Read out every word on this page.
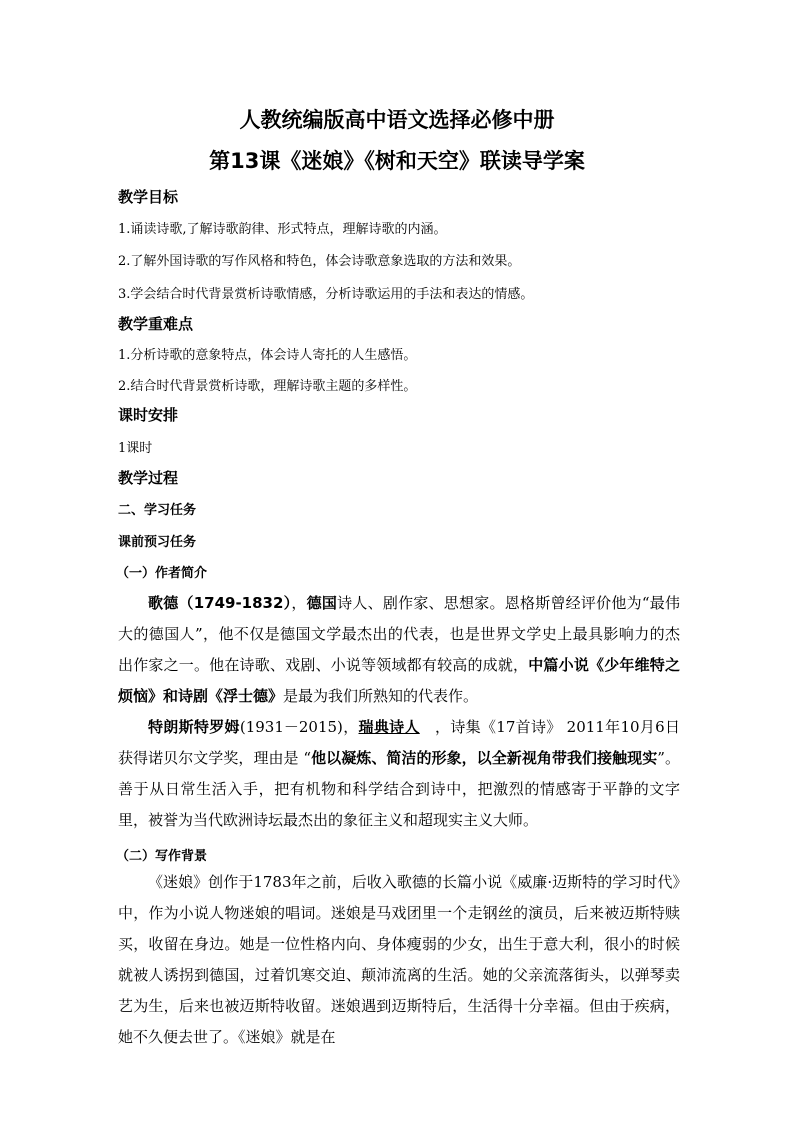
人教统编版高中语文选择必修中册
第13课《迷娘》《树和天空》联读导学案
教学目标
1.诵读诗歌,了解诗歌韵律、形式特点，理解诗歌的内涵。
2.了解外国诗歌的写作风格和特色，体会诗歌意象选取的方法和效果。
3.学会结合时代背景赏析诗歌情感，分析诗歌运用的手法和表达的情感。
教学重难点
1.分析诗歌的意象特点，体会诗人寄托的人生感悟。
2.结合时代背景赏析诗歌，理解诗歌主题的多样性。
课时安排
1课时
教学过程
二、学习任务
课前预习任务
（一）作者简介
歌德（1749-1832），德国诗人、剧作家、思想家。恩格斯曾经评价他为“最伟大的德国人”，他不仅是德国文学最杰出的代表，也是世界文学史上最具影响力的杰出作家之一。他在诗歌、戏剧、小说等领域都有较高的成就，中篇小说《少年维特之烦恼》和诗剧《浮士德》是最为我们所熟知的代表作。
特朗斯特罗姆(1931－2015)，瑞典诗人　，诗集《17首诗》 2011年10月6日获得诺贝尔文学奖，理由是 “他以凝炼、简洁的形象，以全新视角带我们接触现实”。善于从日常生活入手，把有机物和科学结合到诗中，把激烈的情感寄于平静的文字里，被誉为当代欧洲诗坛最杰出的象征主义和超现实主义大师。
（二）写作背景
《迷娘》创作于1783年之前，后收入歌德的长篇小说《威廉·迈斯特的学习时代》中，作为小说人物迷娘的唱词。迷娘是马戏团里一个走钢丝的演员，后来被迈斯特赎买，收留在身边。她是一位性格内向、身体瘦弱的少女，出生于意大利，很小的时候就被人诱拐到德国，过着饥寒交迫、颠沛流离的生活。她的父亲流落街头，以弹琴卖艺为生，后来也被迈斯特收留。迷娘遇到迈斯特后，生活得十分幸福。但由于疾病，她不久便去世了。《迷娘》就是在
